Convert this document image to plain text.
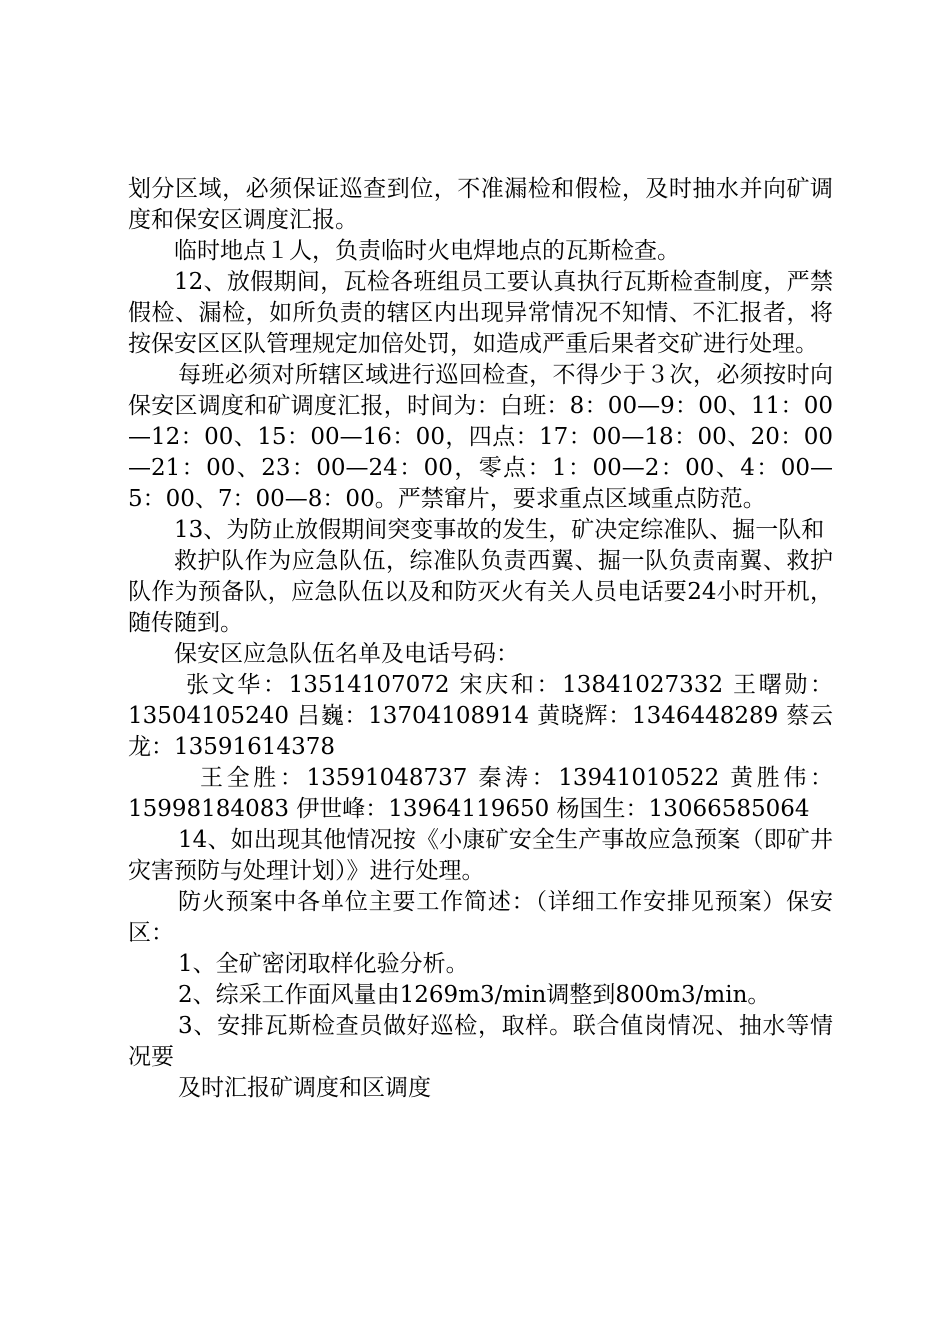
划分区域，必须保证巡查到位，不准漏检和假检，及时抽水并向矿调度和保安区调度汇报。

临时地点１人，负责临时火电焊地点的瓦斯检查。

12、放假期间，瓦检各班组员工要认真执行瓦斯检查制度，严禁假检、漏检，如所负责的辖区内出现异常情况不知情、不汇报者，将按保安区区队管理规定加倍处罚，如造成严重后果者交矿进行处理。

每班必须对所辖区域进行巡回检查，不得少于３次，必须按时向保安区调度和矿调度汇报，时间为：白班：8：00—9：00、11：00—12：00、15：00—16：00，四点：17：00—18：00、20：00—21：00、23：00—24：00，零点：1：00—2：00、4：00—5：00、7：00—8：00。严禁窜片，要求重点区域重点防范。

13、为防止放假期间突变事故的发生，矿决定综准队、掘一队和

救护队作为应急队伍，综准队负责西翼、掘一队负责南翼、救护队作为预备队，应急队伍以及和防灭火有关人员电话要24小时开机，随传随到。

保安区应急队伍名单及电话号码：

张文华：13514107072 宋庆和：13841027332 王曙勋：13504105240 吕巍：13704108914 黄晓辉：1346448289 蔡云龙：13591614378

王全胜：13591048737 秦涛：13941010522 黄胜伟：15998184083 伊世峰：13964119650 杨国生：13066585064

14、如出现其他情况按《小康矿安全生产事故应急预案（即矿井灾害预防与处理计划）》进行处理。

防火预案中各单位主要工作简述：（详细工作安排见预案）保安区：

1、全矿密闭取样化验分析。

2、综采工作面风量由1269m3/min调整到800m3/min。

3、安排瓦斯检查员做好巡检，取样。联合值岗情况、抽水等情况要

及时汇报矿调度和区调度
